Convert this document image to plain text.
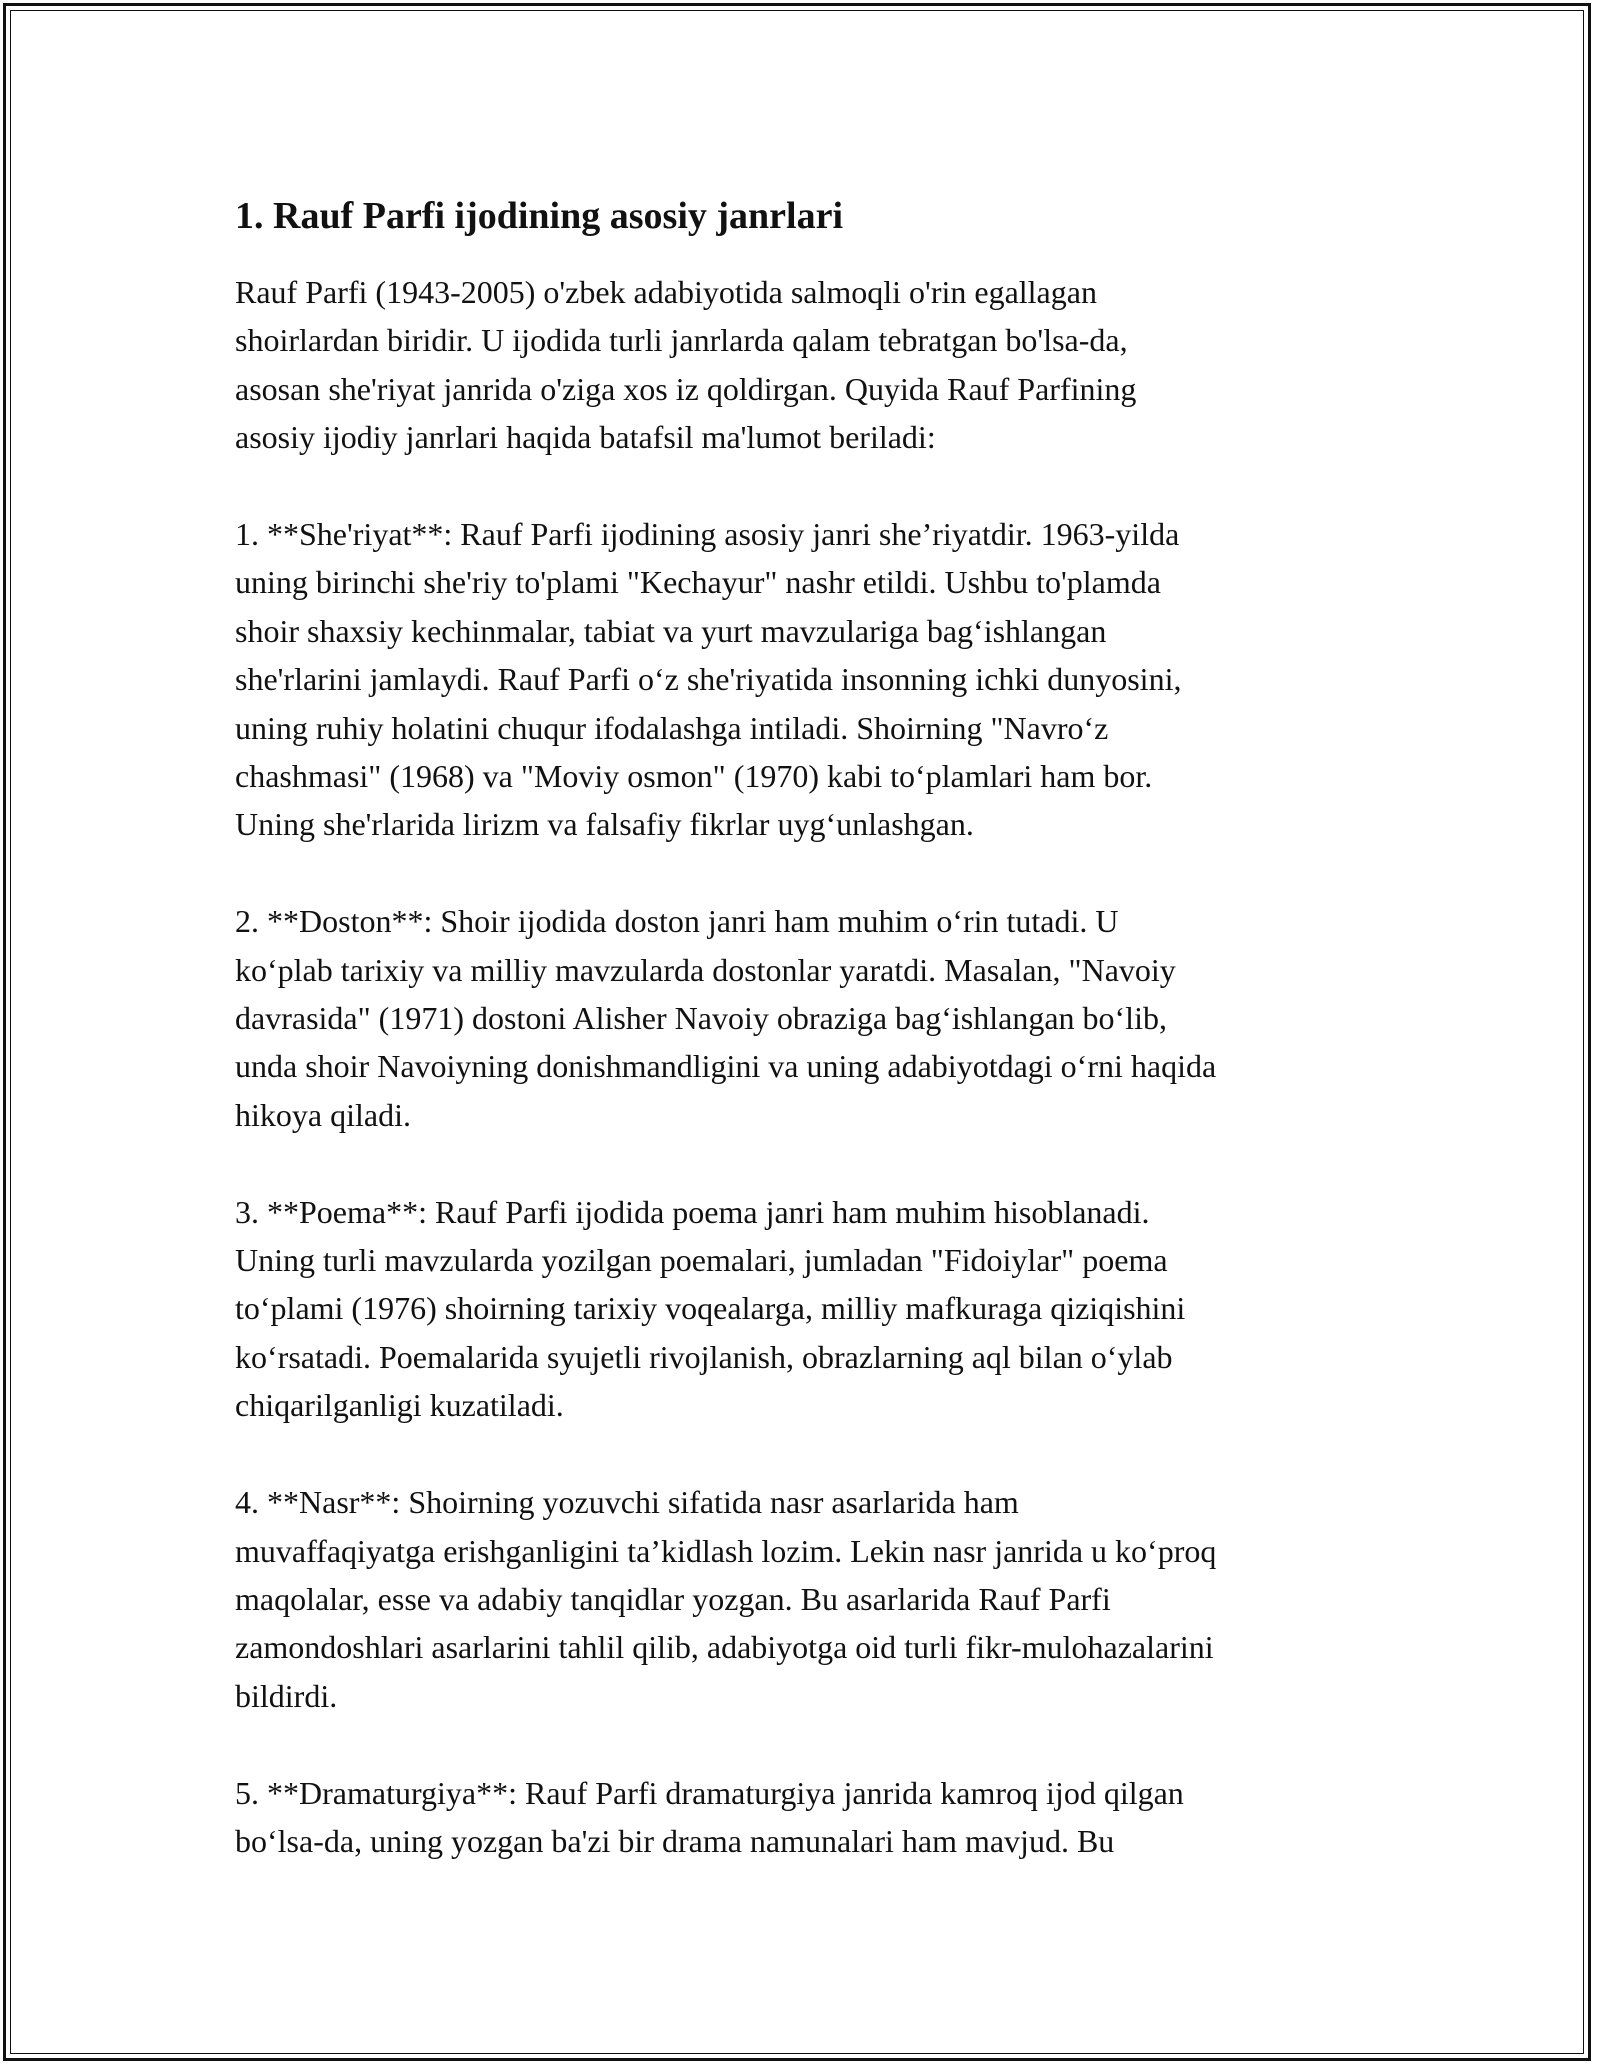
1. Rauf Parfi ijodining asosiy janrlari

Rauf Parfi (1943-2005) o'zbek adabiyotida salmoqli o'rin egallagan
shoirlardan biridir. U ijodida turli janrlarda qalam tebratgan bo'lsa-da,
asosan she'riyat janrida o'ziga xos iz qoldirgan. Quyida Rauf Parfining
asosiy ijodiy janrlari haqida batafsil ma'lumot beriladi:

1. **She'riyat**: Rauf Parfi ijodining asosiy janri she’riyatdir. 1963-yilda
uning birinchi she'riy to'plami "Kechayur" nashr etildi. Ushbu to'plamda
shoir shaxsiy kechinmalar, tabiat va yurt mavzulariga bag‘ishlangan
she'rlarini jamlaydi. Rauf Parfi o‘z she'riyatida insonning ichki dunyosini,
uning ruhiy holatini chuqur ifodalashga intiladi. Shoirning "Navro‘z
chashmasi" (1968) va "Moviy osmon" (1970) kabi to‘plamlari ham bor.
Uning she'rlarida lirizm va falsafiy fikrlar uyg‘unlashgan.

2. **Doston**: Shoir ijodida doston janri ham muhim o‘rin tutadi. U
ko‘plab tarixiy va milliy mavzularda dostonlar yaratdi. Masalan, "Navoiy
davrasida" (1971) dostoni Alisher Navoiy obraziga bag‘ishlangan bo‘lib,
unda shoir Navoiyning donishmandligini va uning adabiyotdagi o‘rni haqida
hikoya qiladi.

3. **Poema**: Rauf Parfi ijodida poema janri ham muhim hisoblanadi.
Uning turli mavzularda yozilgan poemalari, jumladan "Fidoiylar" poema
to‘plami (1976) shoirning tarixiy voqealarga, milliy mafkuraga qiziqishini
ko‘rsatadi. Poemalarida syujetli rivojlanish, obrazlarning aql bilan o‘ylab
chiqarilganligi kuzatiladi.

4. **Nasr**: Shoirning yozuvchi sifatida nasr asarlarida ham
muvaffaqiyatga erishganligini ta’kidlash lozim. Lekin nasr janrida u ko‘proq
maqolalar, esse va adabiy tanqidlar yozgan. Bu asarlarida Rauf Parfi
zamondoshlari asarlarini tahlil qilib, adabiyotga oid turli fikr-mulohazalarini
bildirdi.

5. **Dramaturgiya**: Rauf Parfi dramaturgiya janrida kamroq ijod qilgan
bo‘lsa-da, uning yozgan ba'zi bir drama namunalari ham mavjud. Bu
